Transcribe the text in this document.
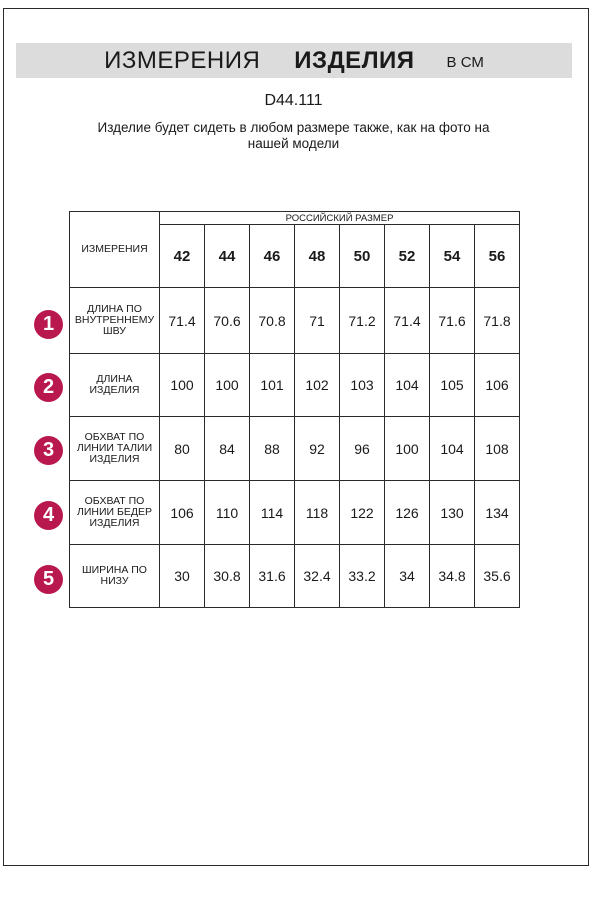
ИЗМЕРЕНИЯ ИЗДЕЛИЯ В СМ
D44.111
Изделие будет сидеть в любом размере также, как на фото на нашей модели
ИЗМЕРЕНИЯ	РОССИЙСКИЙ РАЗМЕР							
	42	44	46	48	50	52	54	56
ДЛИНА ПО ВНУТРЕННЕМУ ШВУ	71.4	70.6	70.8	71	71.2	71.4	71.6	71.8
ДЛИНА ИЗДЕЛИЯ	100	100	101	102	103	104	105	106
ОБХВАТ ПО ЛИНИИ ТАЛИИ ИЗДЕЛИЯ	80	84	88	92	96	100	104	108
ОБХВАТ ПО ЛИНИИ БЕДЕР ИЗДЕЛИЯ	106	110	114	118	122	126	130	134
ШИРИНА ПО НИЗУ	30	30.8	31.6	32.4	33.2	34	34.8	35.6
1
2
3
4
5
